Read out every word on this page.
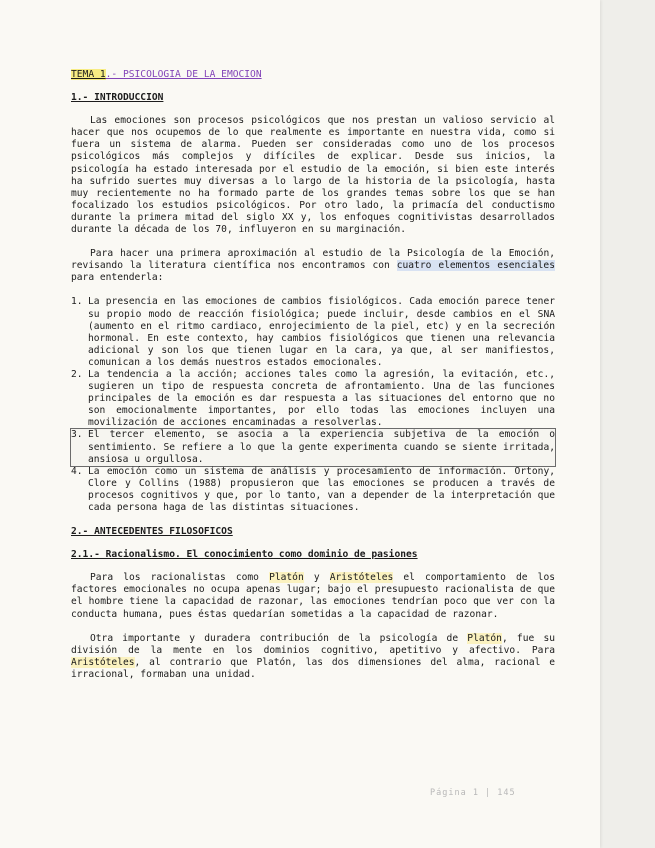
TEMA 1.- PSICOLOGIA DE LA EMOCION
1.- INTRODUCCION

Las emociones son procesos psicológicos que nos prestan un valioso servicio al hacer que nos ocupemos de lo que realmente es importante en nuestra vida, como si fuera un sistema de alarma. Pueden ser consideradas como uno de los procesos psicológicos más complejos y difíciles de explicar. Desde sus inicios, la psicología ha estado interesada por el estudio de la emoción, si bien este interés ha sufrido suertes muy diversas a lo largo de la historia de la psicología, hasta muy recientemente no ha formado parte de los grandes temas sobre los que se han focalizado los estudios psicológicos. Por otro lado, la primacía del conductismo durante la primera mitad del siglo XX y, los enfoques cognitivistas desarrollados durante la década de los 70, influyeron en su marginación.

Para hacer una primera aproximación al estudio de la Psicología de la Emoción, revisando la literatura científica nos encontramos con cuatro elementos esenciales para entenderla:

1. La presencia en las emociones de cambios fisiológicos. Cada emoción parece tener su propio modo de reacción fisiológica; puede incluir, desde cambios en el SNA (aumento en el ritmo cardiaco, enrojecimiento de la piel, etc) y en la secreción hormonal. En este contexto, hay cambios fisiológicos que tienen una relevancia adicional y son los que tienen lugar en la cara, ya que, al ser manifiestos, comunican a los demás nuestros estados emocionales.
2. La tendencia a la acción; acciones tales como la agresión, la evitación, etc., sugieren un tipo de respuesta concreta de afrontamiento. Una de las funciones principales de la emoción es dar respuesta a las situaciones del entorno que no son emocionalmente importantes, por ello todas las emociones incluyen una movilización de acciones encaminadas a resolverlas.
3. El tercer elemento, se asocia a la experiencia subjetiva de la emoción o sentimiento. Se refiere a lo que la gente experimenta cuando se siente irritada, ansiosa u orgullosa.
4. La emoción como un sistema de análisis y procesamiento de información. Ortony, Clore y Collins (1988) propusieron que las emociones se producen a través de procesos cognitivos y que, por lo tanto, van a depender de la interpretación que cada persona haga de las distintas situaciones.
2.- ANTECEDENTES FILOSOFICOS
2.1.- Racionalismo. El conocimiento como dominio de pasiones

Para los racionalistas como Platón y Aristóteles el comportamiento de los factores emocionales no ocupa apenas lugar; bajo el presupuesto racionalista de que el hombre tiene la capacidad de razonar, las emociones tendrían poco que ver con la conducta humana, pues éstas quedarían sometidas a la capacidad de razonar.

Otra importante y duradera contribución de la psicología de Platón, fue su división de la mente en los dominios cognitivo, apetitivo y afectivo. Para Aristóteles, al contrario que Platón, las dos dimensiones del alma, racional e irracional, formaban una unidad.

Página 1 | 145
